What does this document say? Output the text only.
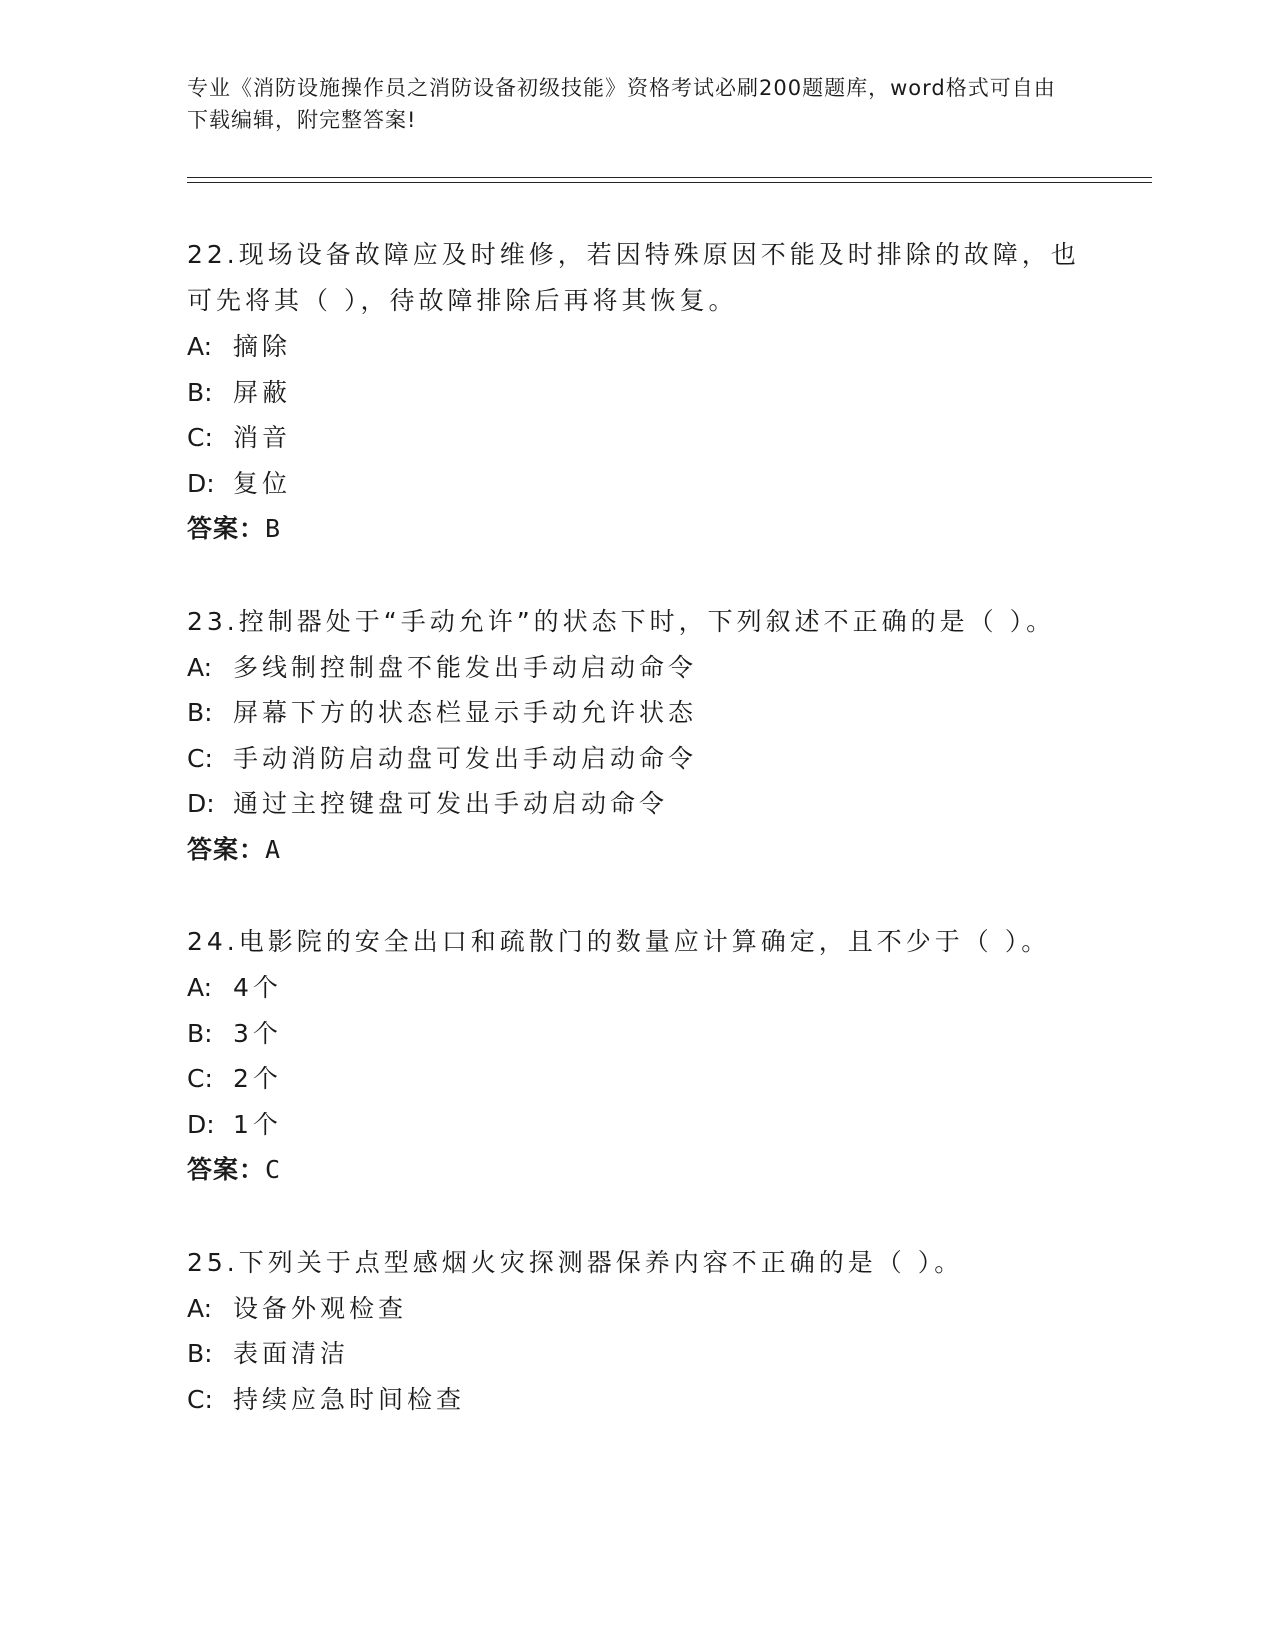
专业《消防设施操作员之消防设备初级技能》资格考试必刷200题题库，word格式可自由下载编辑，附完整答案!
22.现场设备故障应及时维修，若因特殊原因不能及时排除的故障，也可先将其（ ），待故障排除后再将其恢复。
A: 摘除
B: 屏蔽
C: 消音
D: 复位
答案：B
23.控制器处于“手动允许”的状态下时，下列叙述不正确的是（ ）。
A: 多线制控制盘不能发出手动启动命令
B: 屏幕下方的状态栏显示手动允许状态
C: 手动消防启动盘可发出手动启动命令
D: 通过主控键盘可发出手动启动命令
答案：A
24.电影院的安全出口和疏散门的数量应计算确定，且不少于（ ）。
A: 4个
B: 3个
C: 2个
D: 1个
答案：C
25.下列关于点型感烟火灾探测器保养内容不正确的是（ ）。
A: 设备外观检查
B: 表面清洁
C: 持续应急时间检查
